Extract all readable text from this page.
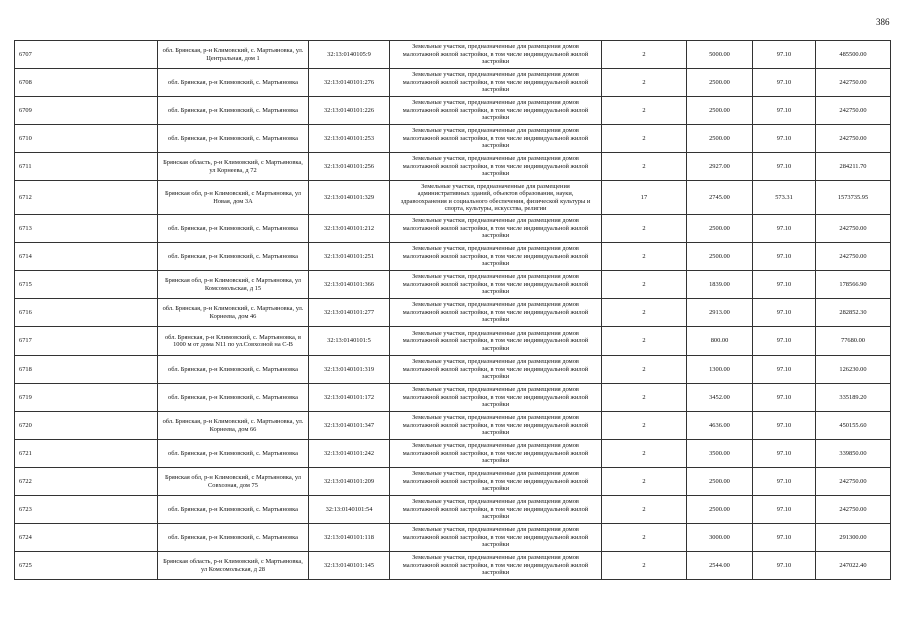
386
6707	обл. Брянская, р-н Климовский, с. Мартьяновка, ул. Центральная, дом 1	32:13:0140105:9	Земельные участки, предназначенные для размещения домов малоэтажной жилой застройки, в том числе индивидуальной жилой застройки	2	5000.00	97.10	485500.00
6708	обл. Брянская, р-н Климовский, с. Мартьяновка	32:13:0140101:276	Земельные участки, предназначенные для размещения домов малоэтажной жилой застройки, в том числе индивидуальной жилой застройки	2	2500.00	97.10	242750.00
6709	обл. Брянская, р-н Климовский, с. Мартьяновка	32:13:0140101:226	Земельные участки, предназначенные для размещения домов малоэтажной жилой застройки, в том числе индивидуальной жилой застройки	2	2500.00	97.10	242750.00
6710	обл. Брянская, р-н Климовский, с. Мартьяновка	32:13:0140101:253	Земельные участки, предназначенные для размещения домов малоэтажной жилой застройки, в том числе индивидуальной жилой застройки	2	2500.00	97.10	242750.00
6711	Брянская область, р-н Климовский, с Мартьяновка, ул Корнеева, д 72	32:13:0140101:256	Земельные участки, предназначенные для размещения домов малоэтажной жилой застройки, в том числе индивидуальной жилой застройки	2	2927.00	97.10	284211.70
6712	Брянская обл, р-н Климовский, с Мартьяновка, ул Новая, дом 3А	32:13:0140101:329	Земельные участки, предназначенные для размещения административных зданий, объектов образования, науки, здравоохранения и социального обеспечения, физической культуры и спорта, культуры, искусства, религии	17	2745.00	573.31	1573735.95
6713	обл. Брянская, р-н Климовский, с. Мартьяновка	32:13:0140101:212	Земельные участки, предназначенные для размещения домов малоэтажной жилой застройки, в том числе индивидуальной жилой застройки	2	2500.00	97.10	242750.00
6714	обл. Брянская, р-н Климовский, с. Мартьяновка	32:13:0140101:251	Земельные участки, предназначенные для размещения домов малоэтажной жилой застройки, в том числе индивидуальной жилой застройки	2	2500.00	97.10	242750.00
6715	Брянская обл, р-н Климовский, с Мартьяновка, ул Комсомольская, д 15	32:13:0140101:366	Земельные участки, предназначенные для размещения домов малоэтажной жилой застройки, в том числе индивидуальной жилой застройки	2	1839.00	97.10	178566.90
6716	обл. Брянская, р-н Климовский, с. Мартьяновка, ул. Корнеева, дом 46	32:13:0140101:277	Земельные участки, предназначенные для размещения домов малоэтажной жилой застройки, в том числе индивидуальной жилой застройки	2	2913.00	97.10	282852.30
6717	обл. Брянская, р-н Климовский, с. Мартьяновка, в 1000 м от дома N11 по ул.Совхозной на С-В	32:13:0140101:5	Земельные участки, предназначенные для размещения домов малоэтажной жилой застройки, в том числе индивидуальной жилой застройки	2	800.00	97.10	77680.00
6718	обл. Брянская, р-н Климовский, с. Мартьяновка	32:13:0140101:319	Земельные участки, предназначенные для размещения домов малоэтажной жилой застройки, в том числе индивидуальной жилой застройки	2	1300.00	97.10	126230.00
6719	обл. Брянская, р-н Климовский, с. Мартьяновка	32:13:0140101:172	Земельные участки, предназначенные для размещения домов малоэтажной жилой застройки, в том числе индивидуальной жилой застройки	2	3452.00	97.10	335189.20
6720	обл. Брянская, р-н Климовский, с. Мартьяновка, ул. Корнеева, дом 66	32:13:0140101:347	Земельные участки, предназначенные для размещения домов малоэтажной жилой застройки, в том числе индивидуальной жилой застройки	2	4636.00	97.10	450155.60
6721	обл. Брянская, р-н Климовский, с. Мартьяновка	32:13:0140101:242	Земельные участки, предназначенные для размещения домов малоэтажной жилой застройки, в том числе индивидуальной жилой застройки	2	3500.00	97.10	339850.00
6722	Брянская обл, р-н Климовский, с Мартьяновка, ул Совхозная, дом 75	32:13:0140101:209	Земельные участки, предназначенные для размещения домов малоэтажной жилой застройки, в том числе индивидуальной жилой застройки	2	2500.00	97.10	242750.00
6723	обл. Брянская, р-н Климовский, с. Мартьяновка	32:13:0140101:54	Земельные участки, предназначенные для размещения домов малоэтажной жилой застройки, в том числе индивидуальной жилой застройки	2	2500.00	97.10	242750.00
6724	обл. Брянская, р-н Климовский, с. Мартьяновка	32:13:0140101:118	Земельные участки, предназначенные для размещения домов малоэтажной жилой застройки, в том числе индивидуальной жилой застройки	2	3000.00	97.10	291300.00
6725	Брянская область, р-н Климовский, с Мартьяновка, ул Комсомольская, д 28	32:13:0140101:145	Земельные участки, предназначенные для размещения домов малоэтажной жилой застройки, в том числе индивидуальной жилой застройки	2	2544.00	97.10	247022.40
